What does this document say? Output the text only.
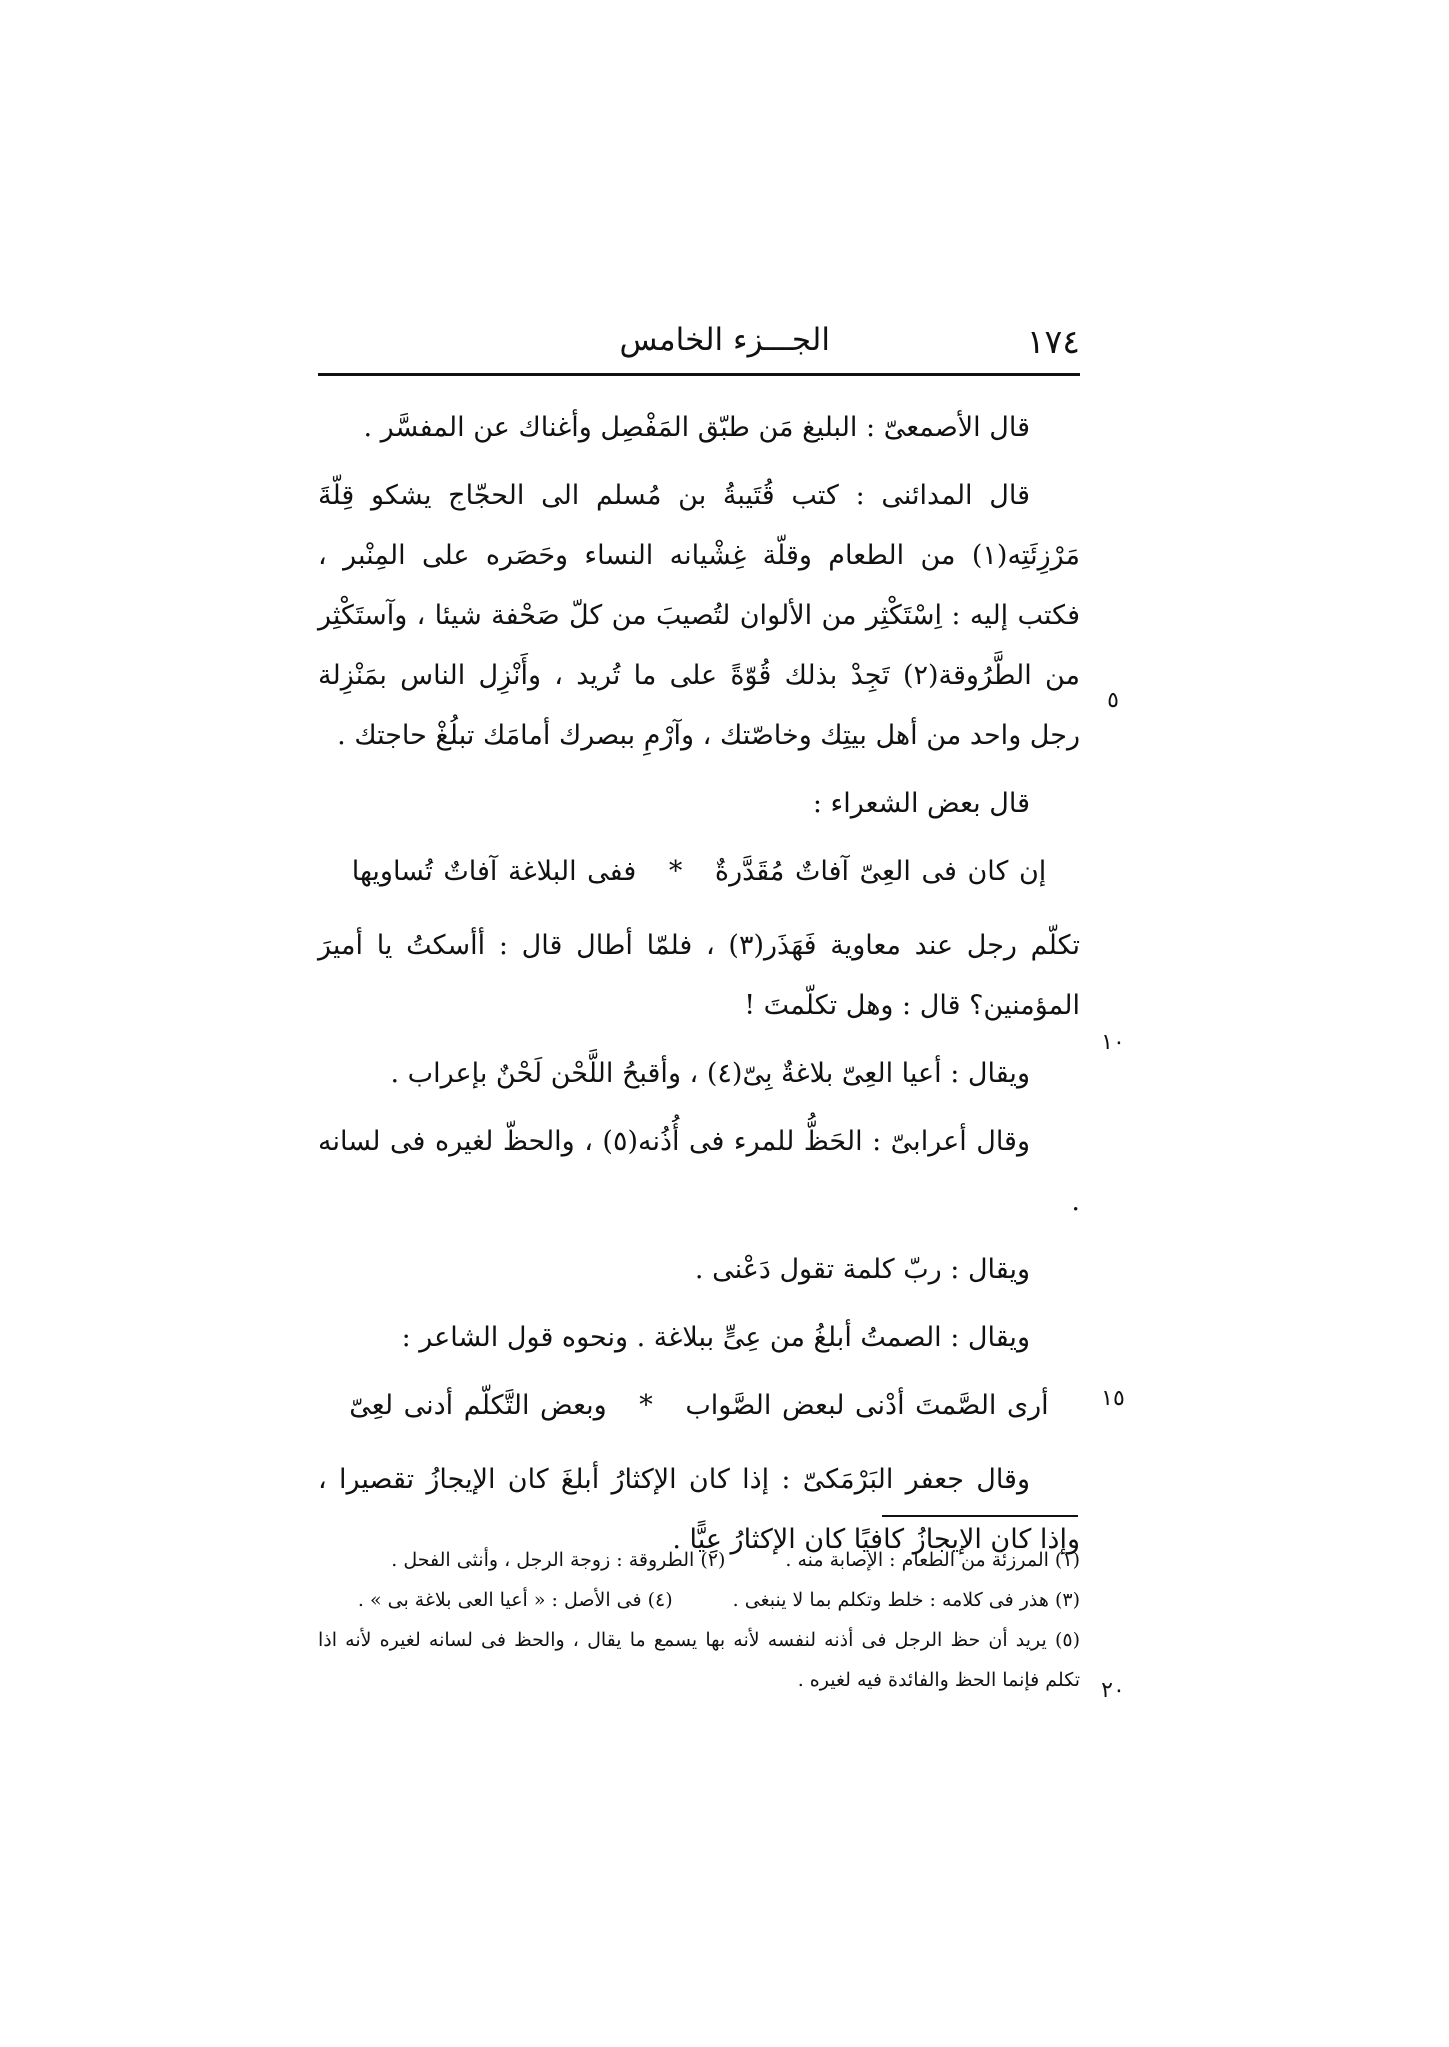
١٧٤
الجـــزء الخامس

قال الأصمعىّ : البليغ مَن طبّق المَفْصِل وأغناك عن المفسَّر .

قال المدائنى : كتب قُتَيبةُ بن مُسلم الى الحجّاج يشكو قِلّةَ مَرْزِئَتِه(١) من الطعام وقلّة غِشْيانه النساء وحَصَره على المِنْبر ، فكتب إليه : اِسْتَكْثِر من الألوان لتُصيبَ من كلّ صَحْفة شيئا ، وآستَكْثِر من الطَّرُوقة(٢) تَجِدْ بذلك قُوّةً على ما تُريد ، وأَنْزِل الناس بمَنْزِلة رجل واحد من أهل بيتِك وخاصّتك ، وآرْمِ ببصرك أمامَك تبلُغْ حاجتك .

قال بعض الشعراء :

إن كان فى العِىّ آفاتٌ مُقَدَّرةٌ * ففى البلاغة آفاتٌ تُساويها

تكلّم رجل عند معاوية فَهَذَر(٣) ، فلمّا أطال قال : أأسكتُ يا أميرَ المؤمنين؟ قال : وهل تكلّمتَ !

ويقال : أعيا العِىّ بلاغةٌ بِىّ(٤) ، وأقبحُ اللَّحْن لَحْنٌ بإعراب .

وقال أعرابىّ : الحَظُّ للمرء فى أُذُنه(٥) ، والحظّ لغيره فى لسانه .

ويقال : ربّ كلمة تقول دَعْنى .

ويقال : الصمتُ أبلغُ من عِىٍّ ببلاغة . ونحوه قول الشاعر :

أرى الصَّمتَ أدْنى لبعض الصَّواب * وبعض التَّكلّم أدنى لعِىّ

وقال جعفر البَرْمَكىّ : إذا كان الإكثارُ أبلغَ كان الإيجازُ تقصيرا ، وإذا كان الإيجازُ كافيًا كان الإكثارُ عِيًّا .

٥
١٠
١٥
٢٠
(١) المرزئة من الطعام : الإصابة منه .
(٢) الطروقة : زوجة الرجل ، وأنثى الفحل .
(٣) هذر فى كلامه : خلط وتكلم بما لا ينبغى .
(٤) فى الأصل : « أعيا العى بلاغة بى » .
(٥) يريد أن حظ الرجل فى أذنه لنفسه لأنه بها يسمع ما يقال ، والحظ فى لسانه لغيره لأنه اذا تكلم فإنما الحظ والفائدة فيه لغيره .
